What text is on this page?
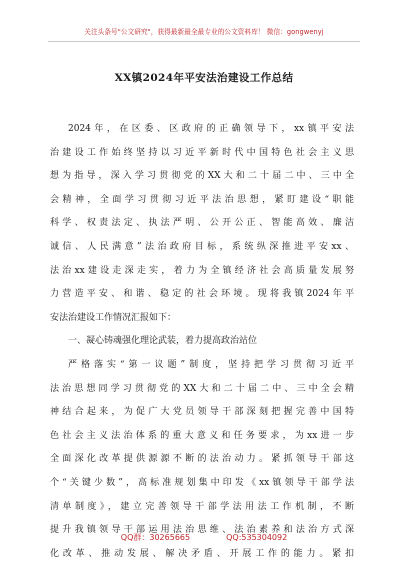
关注头条号"公文研究"，获得最新最全最专业的公文资料库！ 微信：gongwenyj
XX镇2024年平安法治建设工作总结
2024年，在区委、区政府的正确领导下，xx镇平安法
治建设工作始终坚持以习近平新时代中国特色社会主义思
想为指导，深入学习贯彻党的XX大和二十届二中、三中全
会精神，全面学习贯彻习近平法治思想，紧盯建设“职能
科学、权责法定、执法严明、公开公正、智能高效、廉洁
诚信、人民满意”法治政府目标，系统纵深推进平安xx、
法治xx建设走深走实，着力为全镇经济社会高质量发展努
力营造平安、和谐、稳定的社会环境。现将我镇2024年平
安法治建设工作情况汇报如下：
一、凝心铸魂强化理论武装，着力提高政治站位
严格落实“第一议题”制度，坚持把学习贯彻习近平
法治思想同学习贯彻党的XX大和二十届二中、三中全会精
神结合起来，为促广大党员领导干部深刻把握完善中国特
色社会主义法治体系的重大意义和任务要求，为xx进一步
全面深化改革提供源源不断的法治动力。紧抓领导干部这
个“关键少数”，高标准规划集中印发《xx镇领导干部学法
清单制度》，建立完善领导干部学法用法工作机制，不断
提升我镇领导干部运用法治思维、法治素养和法治方式深
化改革、推动发展、解决矛盾、开展工作的能力。紧扣
QQ群：30265665	QQ:535304092
